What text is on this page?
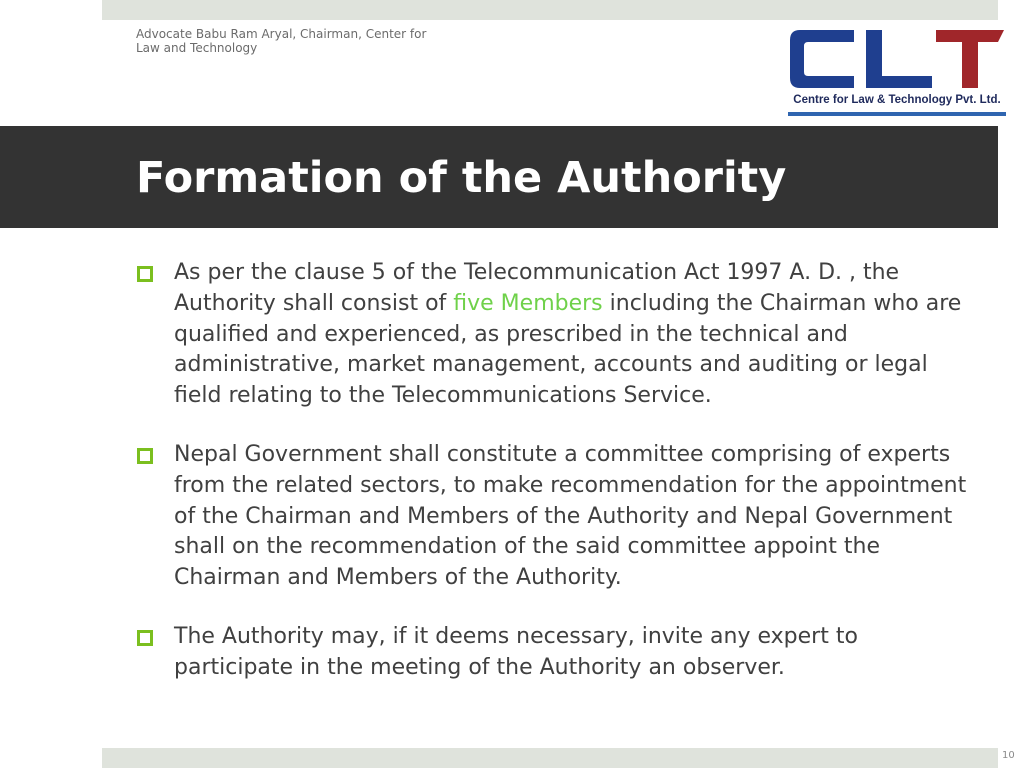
Advocate Babu Ram Aryal, Chairman, Center for Law and Technology
Centre for Law & Technology Pvt. Ltd.
Formation of the Authority
As per the clause 5 of the Telecommunication Act 1997 A. D. , the Authority shall consist of five Members including the Chairman who are qualified and experienced, as prescribed in the technical and administrative, market management, accounts and auditing or legal field relating to the Telecommunications Service.
Nepal Government shall constitute a committee comprising of experts from the related sectors, to make recommendation for the appointment of the Chairman and Members of the Authority and Nepal Government shall on the recommendation of the said committee appoint the Chairman and Members of the Authority.
The Authority may, if it deems necessary, invite any expert to participate in the meeting of the Authority an observer.
10
